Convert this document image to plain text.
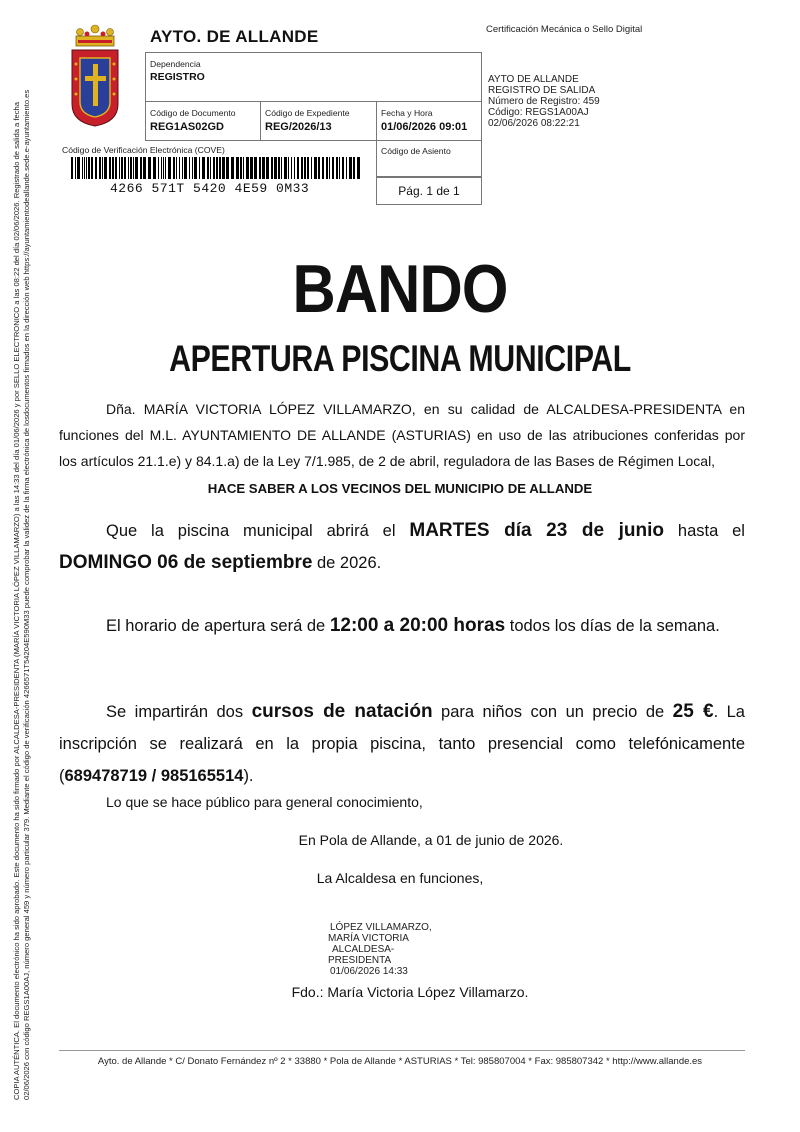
COPIA AUTÉNTICA. El documento electrónico ha sido aprobado. Este documento ha sido firmado por ALCALDESA-PRESIDENTA (MARÍA VICTORIA LÓPEZ VILLAMARZO) a las 14:33 del día 01/06/2026 y por SELLO ELECTRONICO a las 08:22 del día 02/06/2026. Registrado de salida a fecha 02/06/2026 con código REGS1A00AJ, número general 459 y número particular 379. Mediante el código de verificación 4266571T54204E590M33 puede comprobar la validez de la firma electrónica de losdocumentos firmados en la dirección web https://ayuntamientodeallande.sede.e-ayuntamiento.es
AYTO. DE ALLANDE	Certificación Mecánica o Sello Digital
Dependencia
REGISTRO
Código de Documento
REG1AS02GD
Código de Expediente
REG/2026/13
Fecha y Hora
01/06/2026 09:01
Código de Verificación Electrónica (COVE)	Código de Asiento
Pág. 1 de 1
4266 571T 5420 4E59 0M33
AYTO DE ALLANDE
REGISTRO DE SALIDA
Número de Registro: 459
Código: REGS1A00AJ
02/06/2026 08:22:21
BANDO
APERTURA PISCINA MUNICIPAL
Dña. MARÍA VICTORIA LÓPEZ VILLAMARZO, en su calidad de ALCALDESA-PRESIDENTA en
funciones del M.L. AYUNTAMIENTO DE ALLANDE (ASTURIAS) en uso de las atribuciones conferidas por
los artículos 21.1.e) y 84.1.a) de la Ley 7/1.985, de 2 de abril, reguladora de las Bases de Régimen Local,
HACE SABER A LOS VECINOS DEL MUNICIPIO DE ALLANDE
Que la piscina municipal abrirá el MARTES día 23 de junio hasta el
DOMINGO 06 de septiembre de 2026.
El horario de apertura será de 12:00 a 20:00 horas todos los días de la semana.
Se impartirán dos cursos de natación para niños con un precio de 25 €. La inscripción se realizará en la propia piscina, tanto presencial como telefónicamente (689478719 / 985165514).
Lo que se hace público para general conocimiento,
En Pola de Allande, a 01 de junio de 2026.
La Alcaldesa en funciones,
LÓPEZ VILLAMARZO,
MARÍA VICTORIA
ALCALDESA-
PRESIDENTA
01/06/2026 14:33
Fdo.: María Victoria López Villamarzo.
Ayto. de Allande * C/ Donato Fernández nº 2 * 33880 * Pola de Allande * ASTURIAS * Tel: 985807004 * Fax: 985807342 * http://www.allande.es
